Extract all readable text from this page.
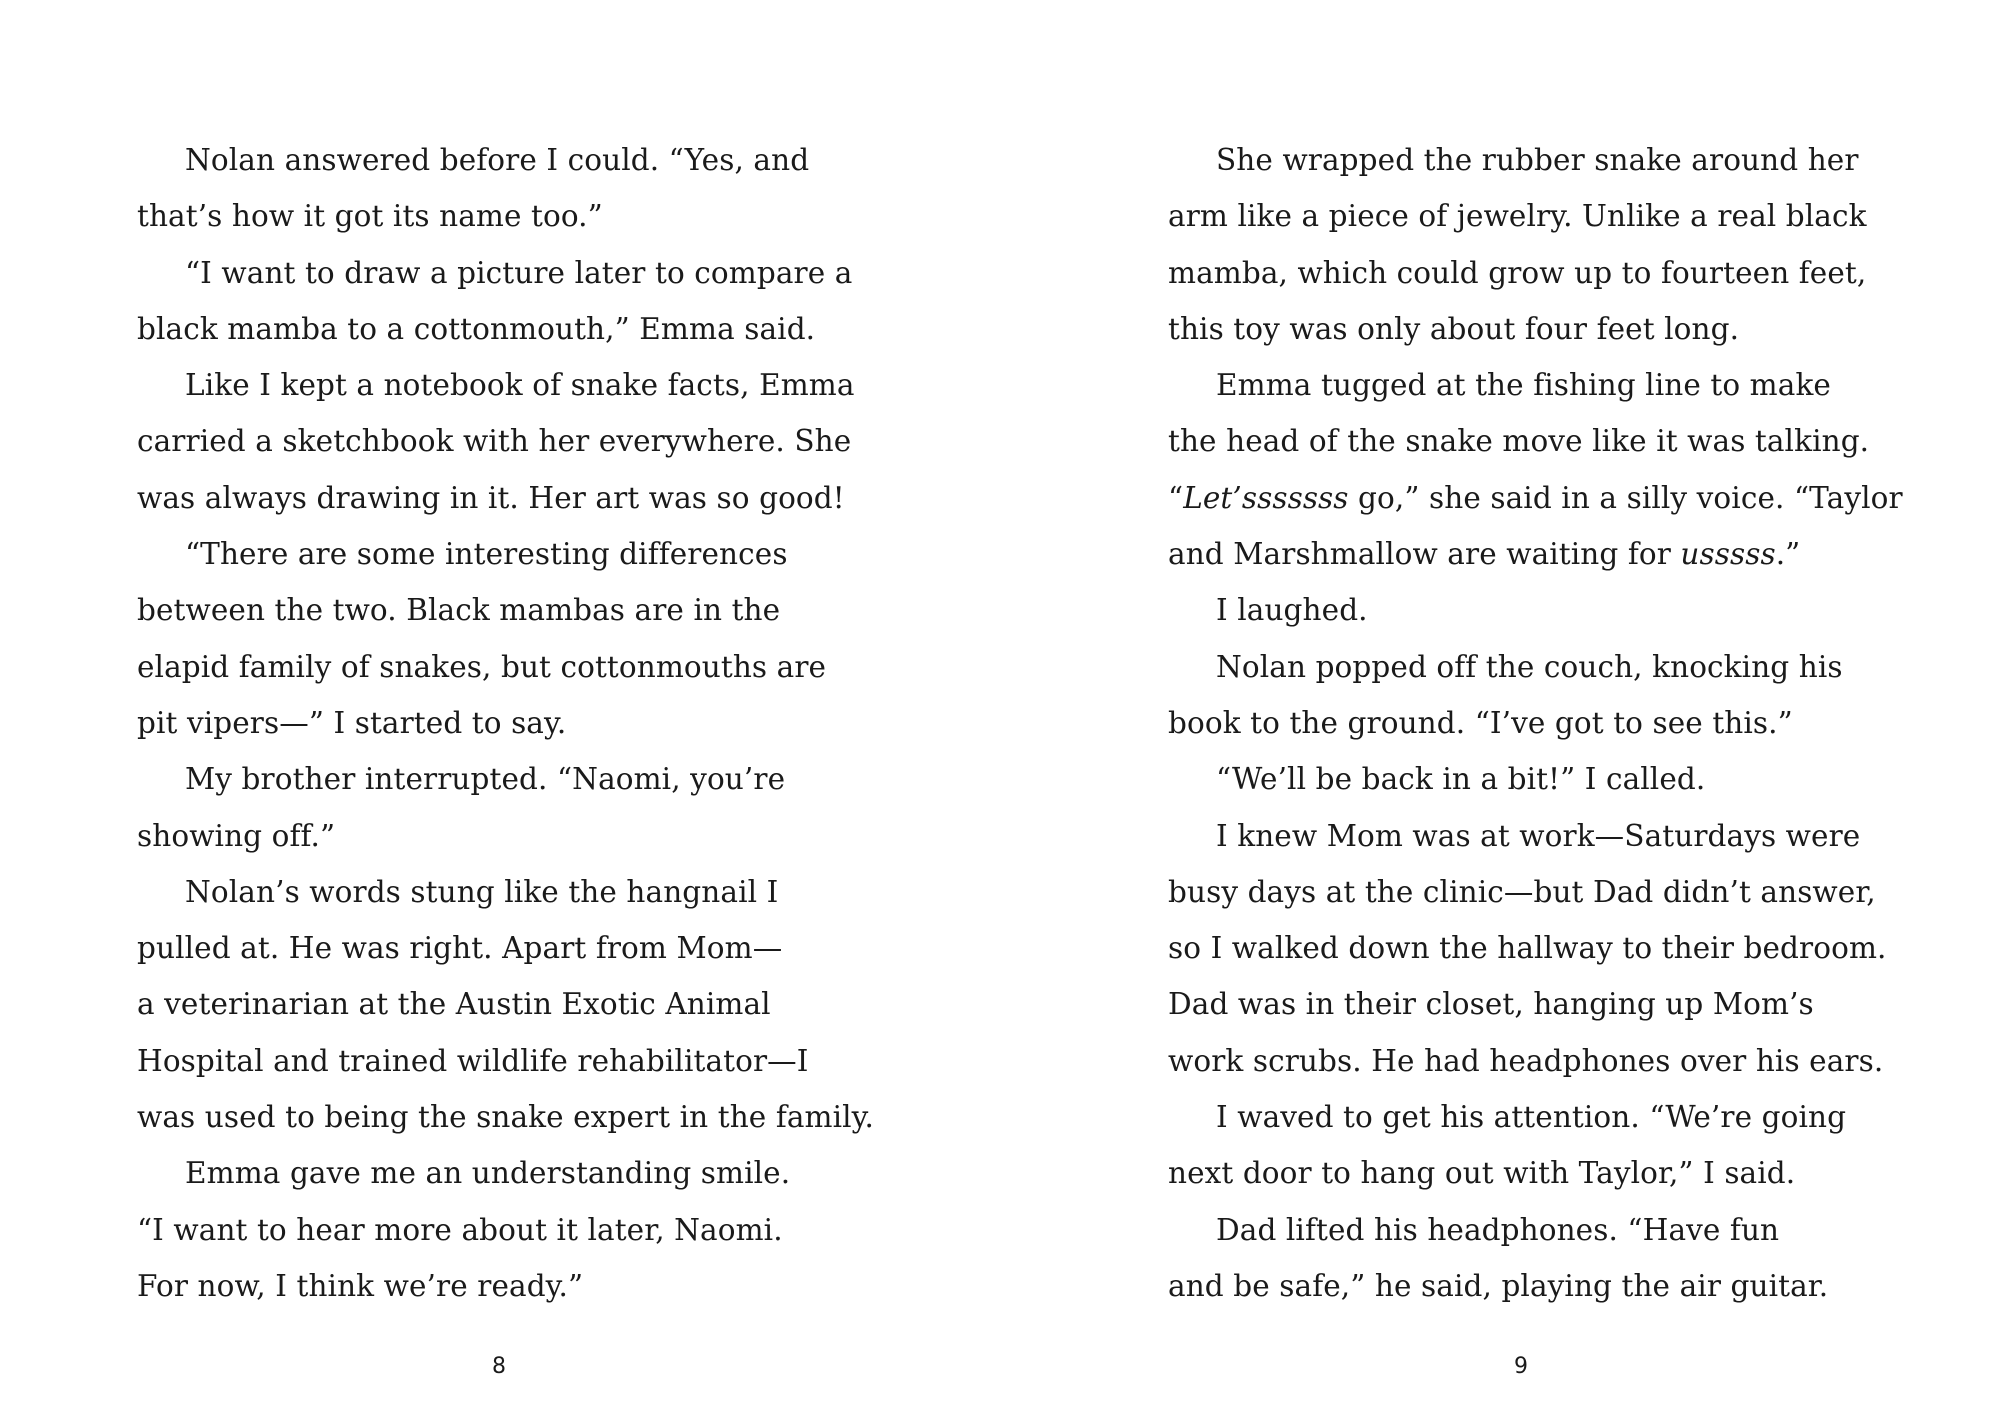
Nolan answered before I could. “Yes, and
that’s how it got its name too.”
“I want to draw a picture later to compare a
black mamba to a cottonmouth,” Emma said.
Like I kept a notebook of snake facts, Emma
carried a sketchbook with her everywhere. She
was always drawing in it. Her art was so good!
“There are some interesting differences
between the two. Black mambas are in the
elapid family of snakes, but cottonmouths are
pit vipers—” I started to say.
My brother interrupted. “Naomi, you’re
showing off.”
Nolan’s words stung like the hangnail I
pulled at. He was right. Apart from Mom—
a veterinarian at the Austin Exotic Animal
Hospital and trained wildlife rehabilitator—I
was used to being the snake expert in the family.
Emma gave me an understanding smile.
“I want to hear more about it later, Naomi.
For now, I think we’re ready.”
She wrapped the rubber snake around her
arm like a piece of jewelry. Unlike a real black
mamba, which could grow up to fourteen feet,
this toy was only about four feet long.
Emma tugged at the fishing line to make
the head of the snake move like it was talking.
“Let’sssssss go,” she said in a silly voice. “Taylor
and Marshmallow are waiting for usssss.”
I laughed.
Nolan popped off the couch, knocking his
book to the ground. “I’ve got to see this.”
“We’ll be back in a bit!” I called.
I knew Mom was at work—Saturdays were
busy days at the clinic—but Dad didn’t answer,
so I walked down the hallway to their bedroom.
Dad was in their closet, hanging up Mom’s
work scrubs. He had headphones over his ears.
I waved to get his attention. “We’re going
next door to hang out with Taylor,” I said.
Dad lifted his headphones. “Have fun
and be safe,” he said, playing the air guitar.
8	9
